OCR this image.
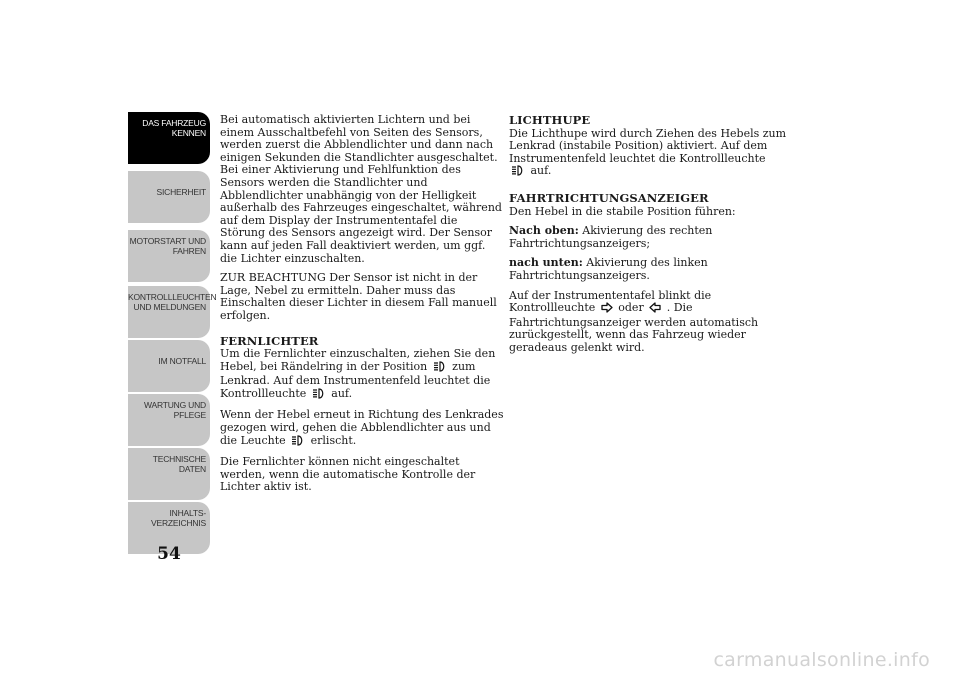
DAS FAHRZEUG
KENNEN
SICHERHEIT
MOTORSTART UND
FAHREN
KONTROLLLEUCHTEN
UND MELDUNGEN
IM NOTFALL
WARTUNG UND
PFLEGE
TECHNISCHE
DATEN
INHALTS-
VERZEICHNIS
54

Bei automatisch aktivierten Lichtern und bei einem Ausschaltbefehl von Seiten des Sensors, werden zuerst die Abblendlichter und dann nach einigen Sekunden die Standlichter ausgeschaltet. Bei einer Aktivierung und Fehlfunktion des Sensors werden die Standlichter und Abblendlichter unabhängig von der Helligkeit außerhalb des Fahrzeuges eingeschaltet, während auf dem Display der Instrumententafel die Störung des Sensors angezeigt wird. Der Sensor kann auf jeden Fall deaktiviert werden, um ggf. die Lichter einzuschalten.

ZUR BEACHTUNG Der Sensor ist nicht in der Lage, Nebel zu ermitteln. Daher muss das Einschalten dieser Lichter in diesem Fall manuell erfolgen.

FERNLICHTER

Um die Fernlichter einzuschalten, ziehen Sie den Hebel, bei Rändelring in der Position zum Lenkrad. Auf dem Instrumentenfeld leuchtet die Kontrollleuchte auf.

Wenn der Hebel erneut in Richtung des Lenkrades gezogen wird, gehen die Abblendlichter aus und die Leuchte erlischt.

Die Fernlichter können nicht eingeschaltet werden, wenn die automatische Kontrolle der Lichter aktiv ist.

LICHTHUPE

Die Lichthupe wird durch Ziehen des Hebels zum Lenkrad (instabile Position) aktiviert. Auf dem Instrumentenfeld leuchtet die Kontrollleuchte
auf.

FAHRTRICHTUNGSANZEIGER

Den Hebel in die stabile Position führen:

Nach oben: Akivierung des rechten Fahrtrichtungsanzeigers;

nach unten: Akivierung des linken Fahrtrichtungsanzeigers.

Auf der Instrumententafel blinkt die Kontrollleuchte oder . Die Fahrtrichtungsanzeiger werden automatisch zurückgestellt, wenn das Fahrzeug wieder geradeaus gelenkt wird.

carmanualsonline.info
